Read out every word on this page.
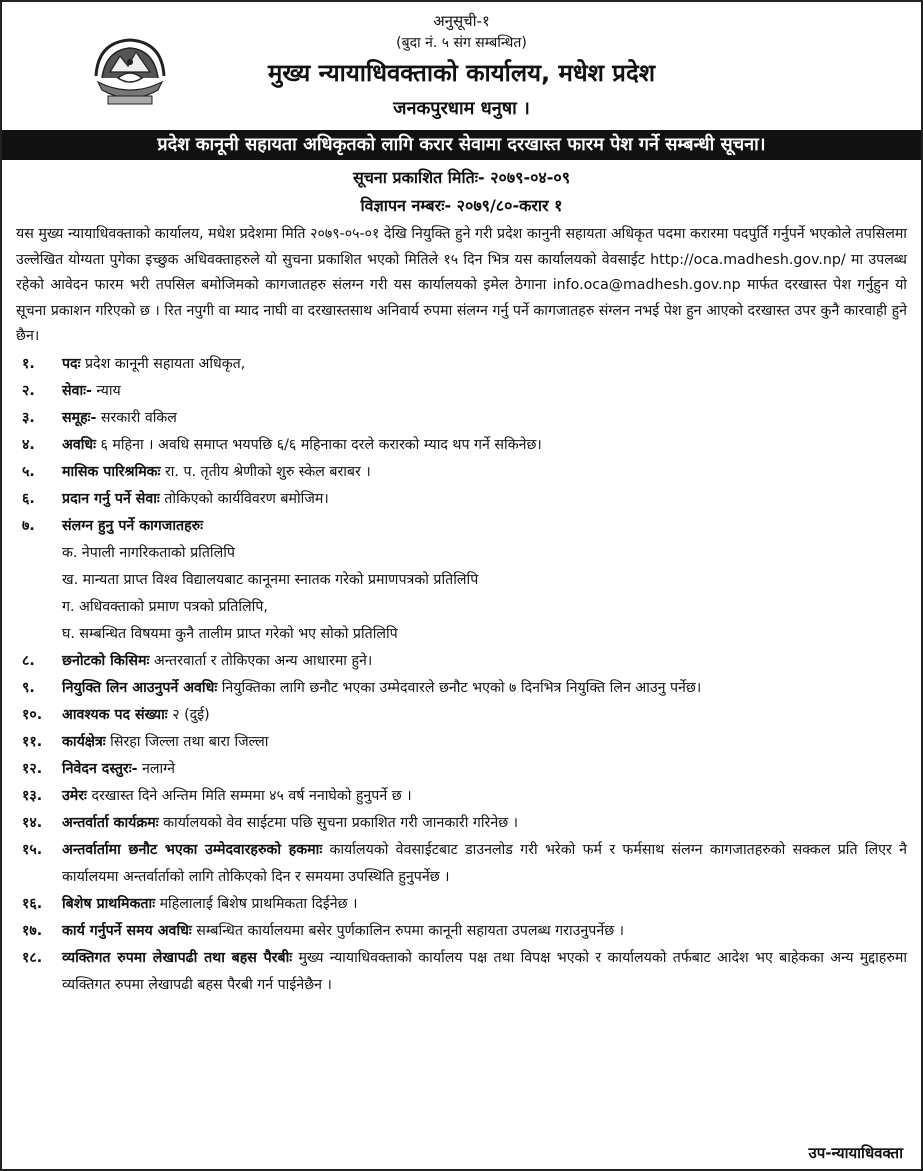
अनुसूची-१
(बुदा नं. ५ संग सम्बन्धित)
मुख्य न्यायाधिवक्ताको कार्यालय, मधेश प्रदेश
जनकपुरधाम धनुषा ।
प्रदेश कानूनी सहायता अधिकृतको लागि करार सेवामा दरखास्त फारम पेश गर्ने सम्बन्धी सूचना।
सूचना प्रकाशित मितिः- २०७९-०४-०९
विज्ञापन नम्बरः- २०७९/८०-करार १
यस मुख्य न्यायाधिवक्ताको कार्यालय, मधेश प्रदेशमा मिति २०७९-०५-०१ देखि नियुक्ति हुने गरी प्रदेश कानुनी सहायता अधिकृत पदमा करारमा पदपुर्ति गर्नुपर्ने भएकोले तपसिलमा उल्लेखित योग्यता पुगेका इच्छुक अधिवक्ताहरुले यो सुचना प्रकाशित भएको मितिले १५ दिन भित्र यस कार्यालयको वेवसाईट http://oca.madhesh.gov.np/ मा उपलब्ध रहेको आवेदन फारम भरी तपसिल बमोजिमको कागजातहरु संलग्न गरी यस कार्यालयको इमेल ठेगाना info.oca@madhesh.gov.np मार्फत दरखास्त पेश गर्नुहुन यो सूचना प्रकाशन गरिएको छ । रित नपुगी वा म्याद नाघी वा दरखास्तसाथ अनिवार्य रुपमा संलग्न गर्नु पर्ने कागजातहरु संग्लन नभई पेश हुन आएको दरखास्त उपर कुनै कारवाही हुने छैन।
१.	पदः प्रदेश कानूनी सहायता अधिकृत,
२.	सेवाः- न्याय
३.	समूहः- सरकारी वकिल
४.	अवधिः ६ महिना । अवधि समाप्त भयपछि ६/६ महिनाका दरले करारको म्याद थप गर्ने सकिनेछ।
५.	मासिक पारिश्रमिकः रा. प. तृतीय श्रेणीको शुरु स्केल बराबर ।
६.	प्रदान गर्नु पर्ने सेवाः तोकिएको कार्यविवरण बमोजिम।
७.	संलग्न हुनु पर्ने कागजातहरुः
क. नेपाली नागरिकताको प्रतिलिपि
ख. मान्यता प्राप्त विश्व विद्यालयबाट कानूनमा स्नातक गरेको प्रमाणपत्रको प्रतिलिपि
ग. अधिवक्ताको प्रमाण पत्रको प्रतिलिपि,
घ. सम्बन्धित विषयमा कुनै तालीम प्राप्त गरेको भए सोको प्रतिलिपि
८.	छनोटको किसिमः अन्तरवार्ता र तोकिएका अन्य आधारमा हुने।
९.	नियुक्ति लिन आउनुपर्ने अवधिः नियुक्तिका लागि छनौट भएका उम्मेदवारले छनौट भएको ७ दिनभित्र नियुक्ति लिन आउनु पर्नेछ।
१०.	आवश्यक पद संख्याः २ (दुई)
११.	कार्यक्षेत्रः सिरहा जिल्ला तथा बारा जिल्ला
१२.	निवेदन दस्तुरः- नलाग्ने
१३.	उमेरः दरखास्त दिने अन्तिम मिति सम्ममा ४५ वर्ष ननाघेको हुनुपर्ने छ ।
१४.	अन्तर्वार्ता कार्यक्रमः कार्यालयको वेव साईटमा पछि सुचना प्रकाशित गरी जानकारी गरिनेछ ।
१५.	अन्तर्वार्तामा छनौट भएका उम्मेदवारहरुको हकमाः कार्यालयको वेवसाईटबाट डाउनलोड गरी भरेको फर्म र फर्मसाथ संलग्न कागजातहरुको सक्कल प्रति लिएर नै कार्यालयमा अन्तर्वार्ताको लागि तोकिएको दिन र समयमा उपस्थिति हुनुपर्नेछ ।
१६.	बिशेष प्राथमिकताः महिलालाई बिशेष प्राथमिकता दिईनेछ ।
१७.	कार्य गर्नुपर्ने समय अवधिः सम्बन्धित कार्यालयमा बसेर पुर्णकालिन रुपमा कानूनी सहायता उपलब्ध गराउनुपर्नेछ ।
१८.	व्यक्तिगत रुपमा लेखापढी तथा बहस पैरबीः मुख्य न्यायाधिवक्ताको कार्यालय पक्ष तथा विपक्ष भएको र कार्यालयको तर्फबाट आदेश भए बाहेकका अन्य मुद्दाहरुमा व्यक्तिगत रुपमा लेखापढी बहस पैरबी गर्न पाईनेछैन ।
उप-न्यायाधिवक्ता
